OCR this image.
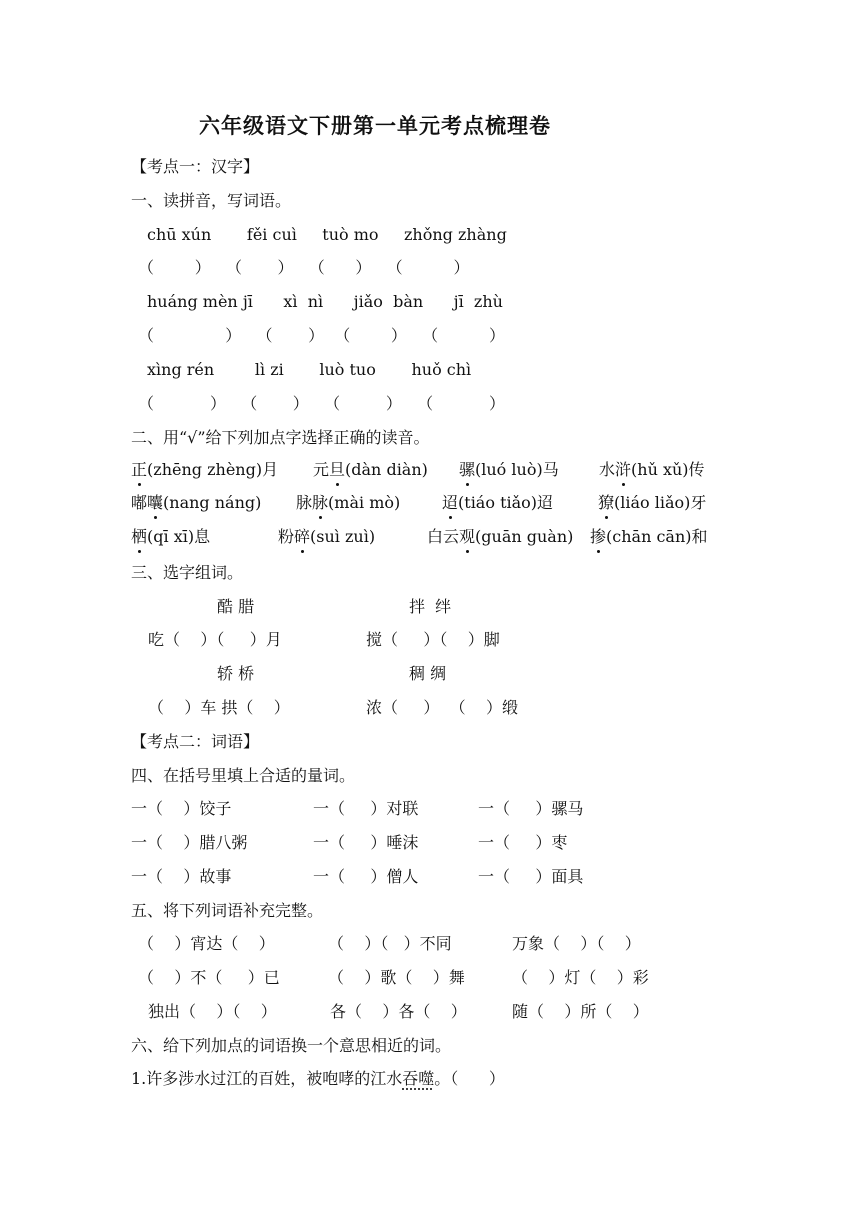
六年级语文下册第一单元考点梳理卷
【考点一：汉字】
一、读拼音，写词语。
chū xún       fěi cuì     tuò mo     zhǒng zhàng
（        ）   （       ）   （      ）   （          ）
huáng mèn jī      xì  nì      jiǎo  bàn      jī  zhù
（              ）   （       ）  （        ）   （          ）
xìng rén        lì zi       luò tuo       huǒ chì
（           ）   （       ）   （         ）   （           ）
二、用“√”给下列加点字选择正确的读音。
正(zhēng zhèng)月 元旦(dàn diàn) 骡(luó luò)马	水浒(hǔ xǔ)传
嘟囔(nang náng) 脉脉(mài mò)	迢(tiáo tiǎo)迢	獠(liáo liǎo)牙
栖(qī xī)息	粉碎(suì zuì)	白云观(guān guàn) 掺(chān cān)和
三、选字组词。
酷 腊	拌  绊
吃（    ）（     ）月	搅（     ）（    ）脚
轿 桥	稠 绸
（    ）车 拱（    ）	浓（     ）  （    ）缎
【考点二：词语】
四、在括号里填上合适的量词。
一（    ）饺子	一（     ）对联	一（     ）骡马
一（    ）腊八粥	一（     ）唾沫	一（     ）枣
一（    ）故事	一（     ）僧人	一（     ）面具
五、将下列词语补充完整。
（    ）宵达（    ）	（    ）（   ）不同	万象（    ）（    ）
（    ）不（     ）已	（    ）歌（    ）舞	（    ）灯（    ）彩
独出（    ）（    ）	各（    ）各（    ）	随（    ）所（    ）
六、给下列加点的词语换一个意思相近的词。
1.许多涉水过江的百姓，被咆哮的江水吞噬。（      ）
